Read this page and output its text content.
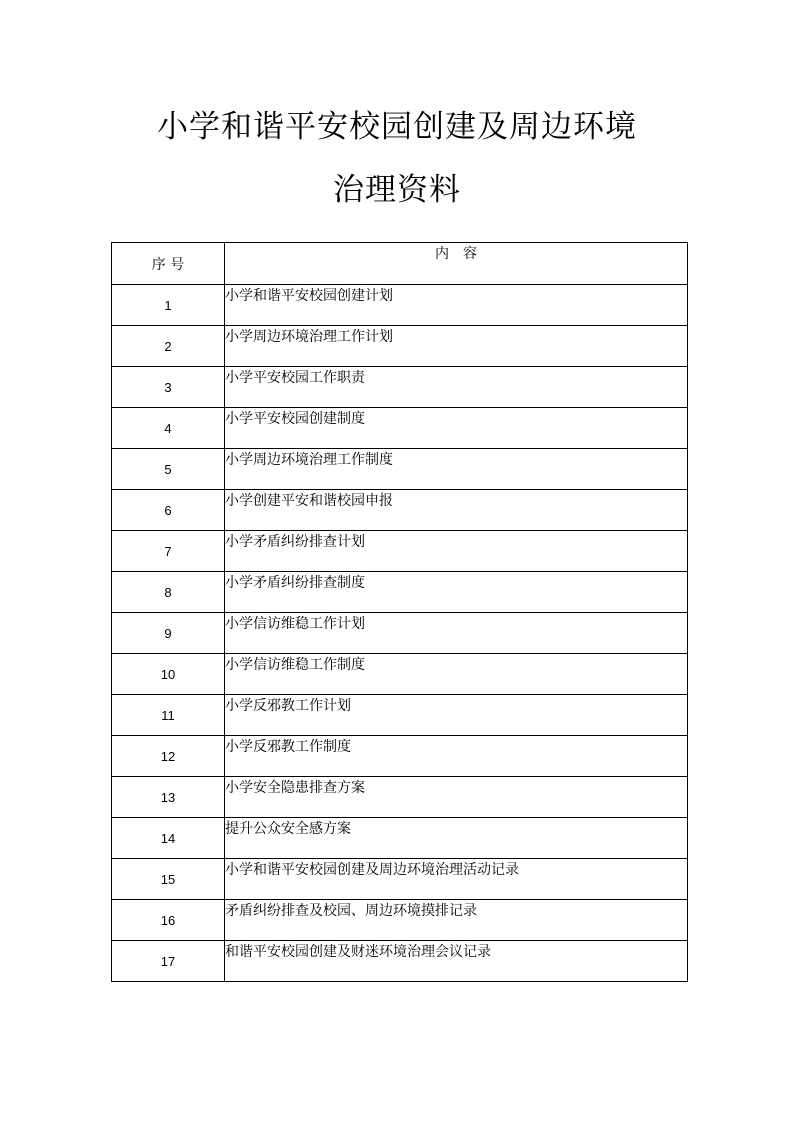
小学和谐平安校园创建及周边环境
治理资料
序 号	内　容
1	小学和谐平安校园创建计划
2	小学周边环境治理工作计划
3	小学平安校园工作职责
4	小学平安校园创建制度
5	小学周边环境治理工作制度
6	小学创建平安和谐校园申报
7	小学矛盾纠纷排查计划
8	小学矛盾纠纷排查制度
9	小学信访维稳工作计划
10	小学信访维稳工作制度
11	小学反邪教工作计划
12	小学反邪教工作制度
13	小学安全隐患排查方案
14	提升公众安全感方案
15	小学和谐平安校园创建及周边环境治理活动记录
16	矛盾纠纷排查及校园、周边环境摸排记录
17	和谐平安校园创建及财迷环境治理会议记录
